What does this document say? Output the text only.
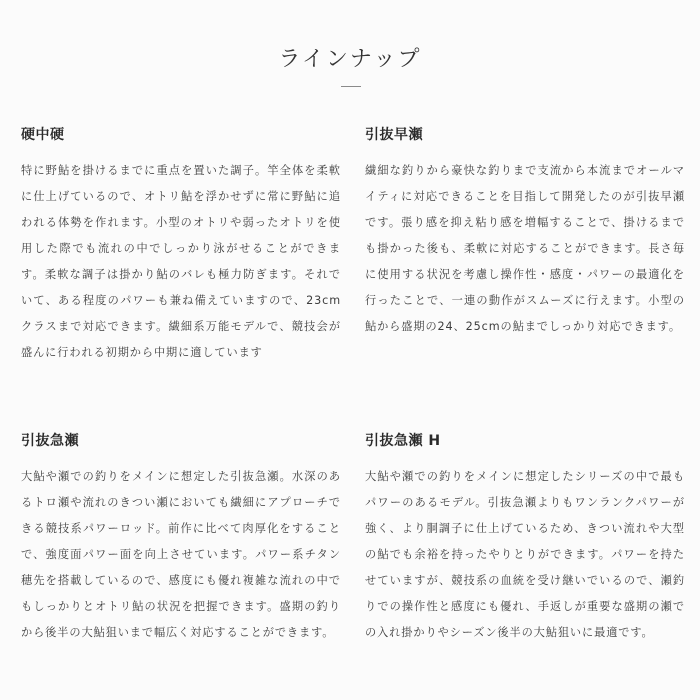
ラインナップ
硬中硬

特に野鮎を掛けるまでに重点を置いた調子。竿全体を柔軟に仕上げているので、オトリ鮎を浮かせずに常に野鮎に追われる体勢を作れます。小型のオトリや弱ったオトリを使用した際でも流れの中でしっかり泳がせることができます。柔軟な調子は掛かり鮎のバレも極力防ぎます。それでいて、ある程度のパワーも兼ね備えていますので、23cmクラスまで対応できます。繊細系万能モデルで、競技会が盛んに行われる初期から中期に適しています

引抜早瀬

繊細な釣りから豪快な釣りまで支流から本流までオールマイティに対応できることを目指して開発したのが引抜早瀬です。張り感を抑え粘り感を増幅することで、掛けるまでも掛かった後も、柔軟に対応することができます。長さ毎に使用する状況を考慮し操作性・感度・パワーの最適化を行ったことで、一連の動作がスムーズに行えます。小型の鮎から盛期の24、25cmの鮎までしっかり対応できます。

引抜急瀬

大鮎や瀬での釣りをメインに想定した引抜急瀬。水深のあるトロ瀬や流れのきつい瀬においても繊細にアプローチできる競技系パワーロッド。前作に比べて肉厚化をすることで、強度面パワー面を向上させています。パワー系チタン穂先を搭載しているので、感度にも優れ複雑な流れの中でもしっかりとオトリ鮎の状況を把握できます。盛期の釣りから後半の大鮎狙いまで幅広く対応することができます。

引抜急瀬 H

大鮎や瀬での釣りをメインに想定したシリーズの中で最もパワーのあるモデル。引抜急瀬よりもワンランクパワーが強く、より胴調子に仕上げているため、きつい流れや大型の鮎でも余裕を持ったやりとりができます。パワーを持たせていますが、競技系の血統を受け継いでいるので、瀬釣りでの操作性と感度にも優れ、手返しが重要な盛期の瀬での入れ掛かりやシーズン後半の大鮎狙いに最適です。
